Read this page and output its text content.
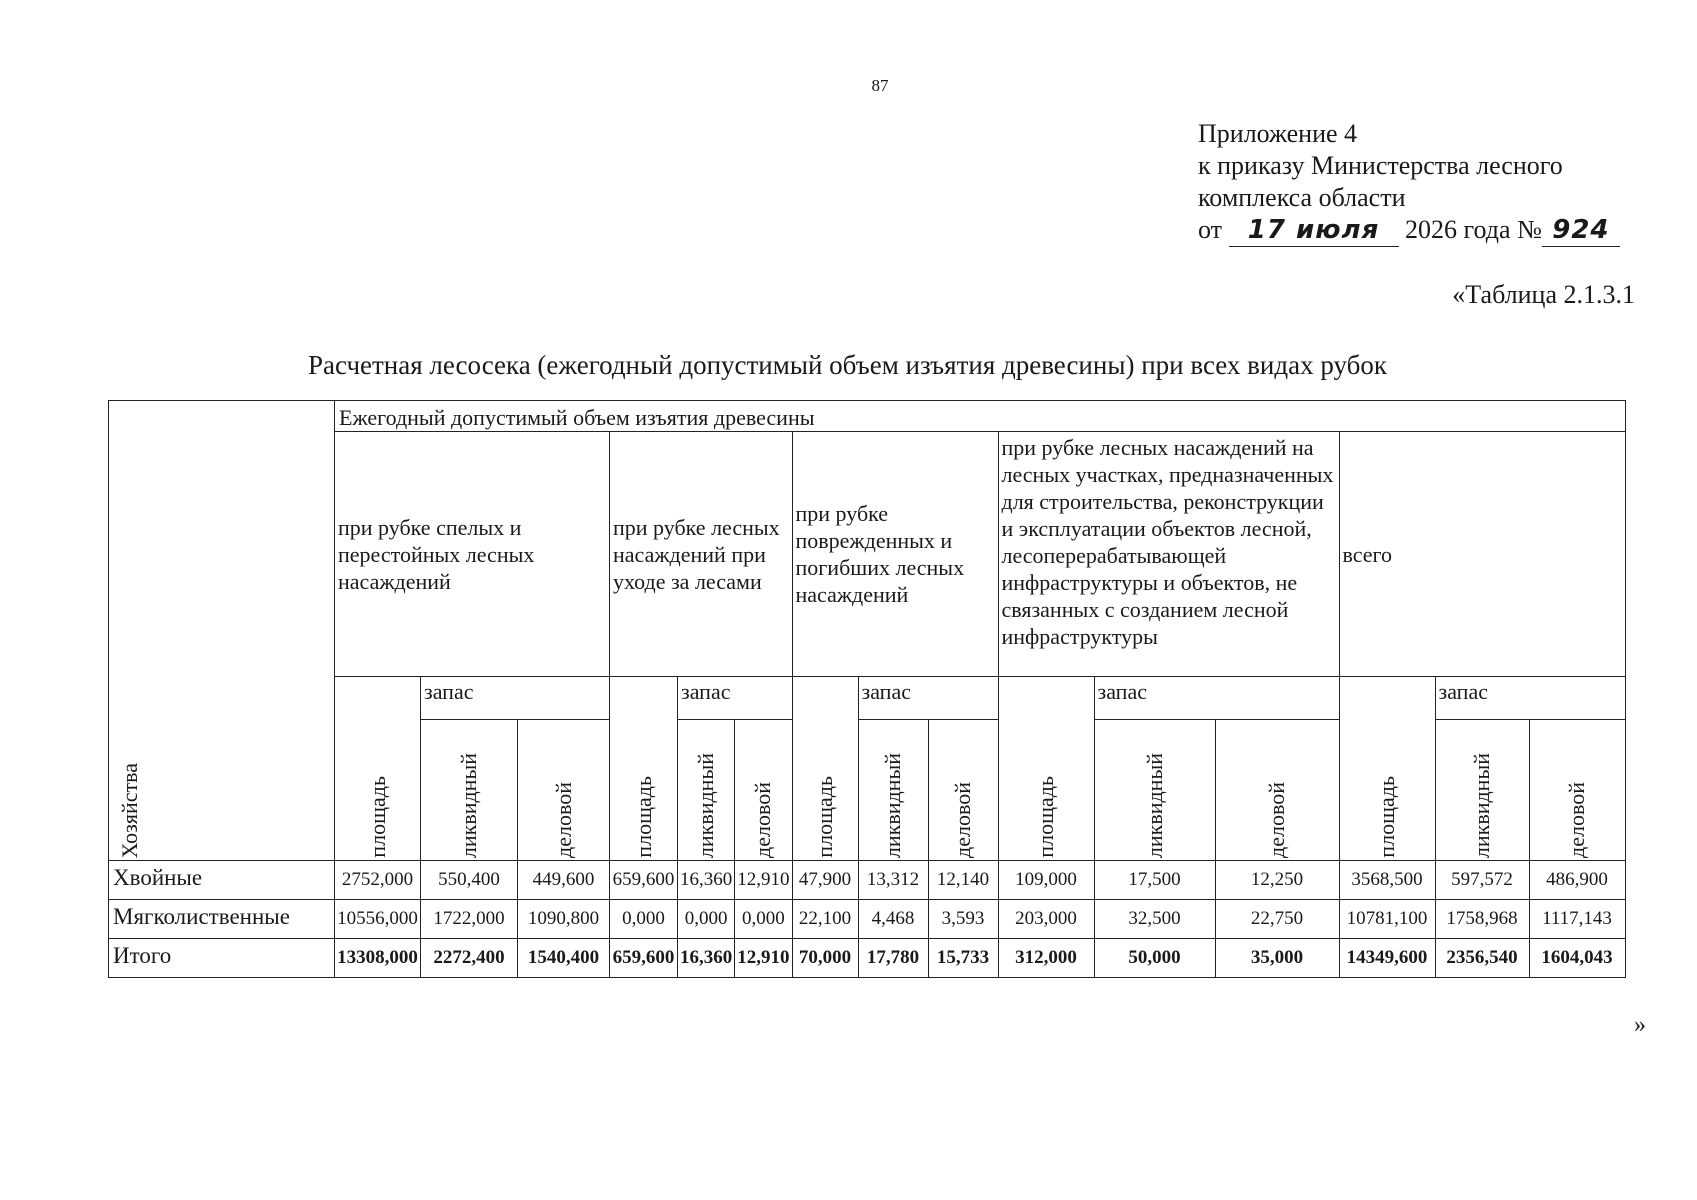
87
Приложение 4
к приказу Министерства лесного
комплекса области
от 17 июля 2026 года № 924
«Таблица 2.1.3.1
Расчетная лесосека (ежегодный допустимый объем изъятия древесины) при всех видах рубок
Хозяйства	Ежегодный допустимый объем изъятия древесины														
	при рубке спелых и перестойных лесных насаждений			при рубке лесных насаждений при уходе за лесами			при рубке поврежденных и погибших лесных насаждений			при рубке лесных насаждений на лесных участках, предназначенных для строительства, реконструкции и эксплуатации объектов лесной, лесоперерабатывающей инфраструктуры и объектов, не связанных с созданием лесной инфраструктуры			всего		

	площадь	запас		площадь	запас		площадь	запас		площадь	запас		площадь	запас	

		ликвидный	деловой		ликвидный	деловой		ликвидный	деловой		ликвидный	деловой		ликвидный	деловой

Хвойные	2752,000	550,400	449,600	659,600	16,360	12,910	47,900	13,312	12,140	109,000	17,500	12,250	3568,500	597,572	486,900
Мягколиственные	10556,000	1722,000	1090,800	0,000	0,000	0,000	22,100	4,468	3,593	203,000	32,500	22,750	10781,100	1758,968	1117,143
Итого	13308,000	2272,400	1540,400	659,600	16,360	12,910	70,000	17,780	15,733	312,000	50,000	35,000	14349,600	2356,540	1604,043
»
